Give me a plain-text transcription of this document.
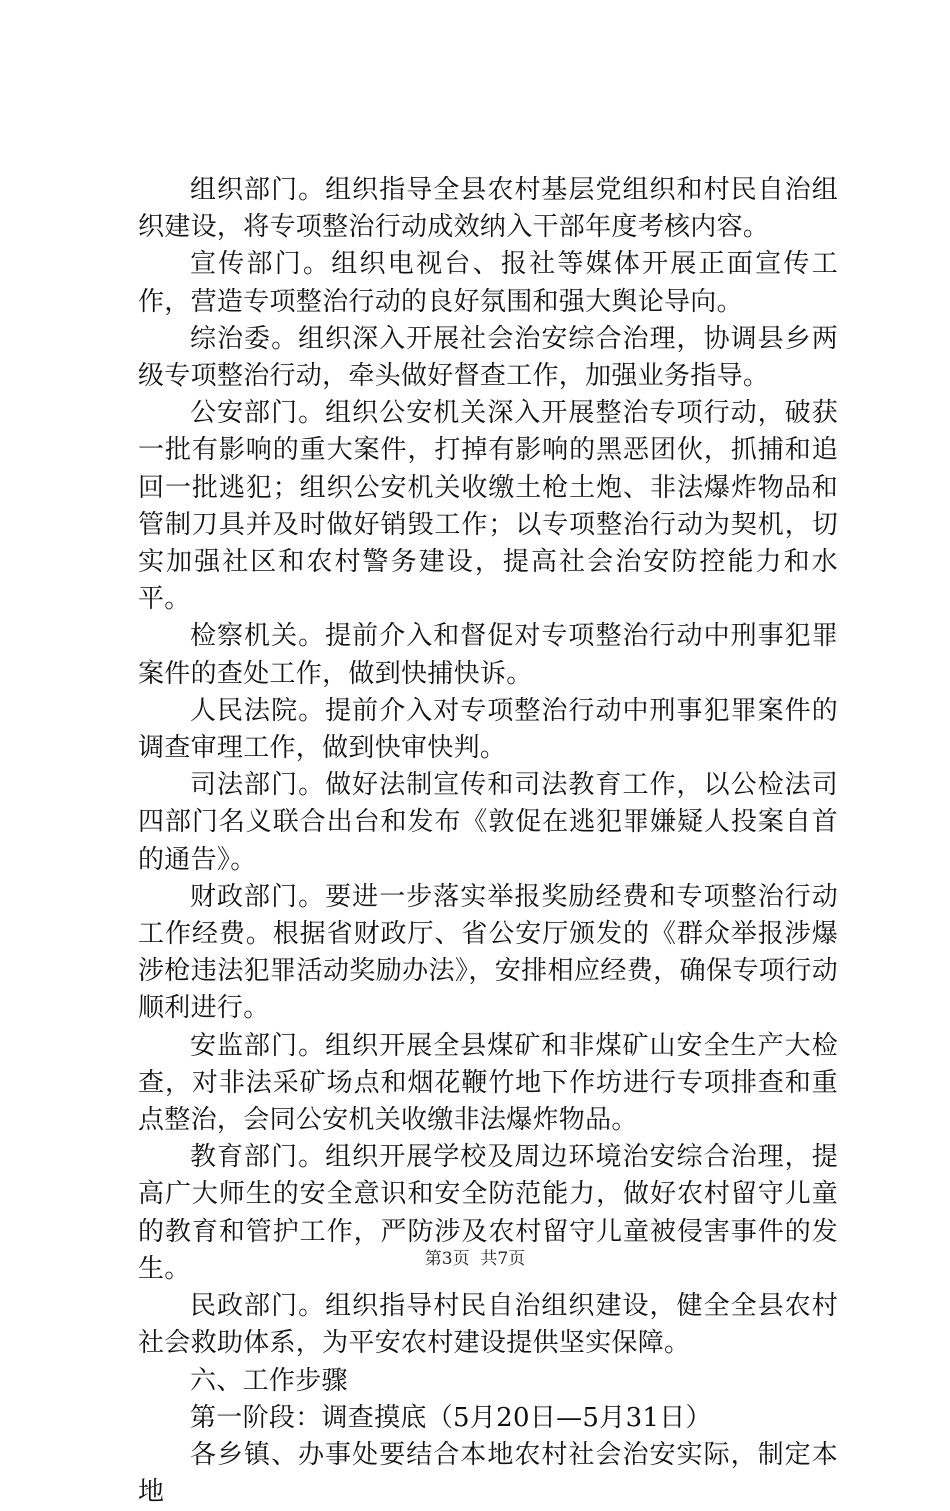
组织部门。组织指导全县农村基层党组织和村民自治组织建设，将专项整治行动成效纳入干部年度考核内容。

宣传部门。组织电视台、报社等媒体开展正面宣传工作，营造专项整治行动的良好氛围和强大舆论导向。

综治委。组织深入开展社会治安综合治理，协调县乡两级专项整治行动，牵头做好督查工作，加强业务指导。

公安部门。组织公安机关深入开展整治专项行动，破获一批有影响的重大案件，打掉有影响的黑恶团伙，抓捕和追回一批逃犯；组织公安机关收缴土枪土炮、非法爆炸物品和管制刀具并及时做好销毁工作；以专项整治行动为契机，切实加强社区和农村警务建设，提高社会治安防控能力和水平。

检察机关。提前介入和督促对专项整治行动中刑事犯罪案件的查处工作，做到快捕快诉。

人民法院。提前介入对专项整治行动中刑事犯罪案件的调查审理工作，做到快审快判。

司法部门。做好法制宣传和司法教育工作，以公检法司四部门名义联合出台和发布《敦促在逃犯罪嫌疑人投案自首的通告》。

财政部门。要进一步落实举报奖励经费和专项整治行动工作经费。根据省财政厅、省公安厅颁发的《群众举报涉爆涉枪违法犯罪活动奖励办法》，安排相应经费，确保专项行动顺利进行。

安监部门。组织开展全县煤矿和非煤矿山安全生产大检查，对非法采矿场点和烟花鞭竹地下作坊进行专项排查和重点整治，会同公安机关收缴非法爆炸物品。

教育部门。组织开展学校及周边环境治安综合治理，提高广大师生的安全意识和安全防范能力，做好农村留守儿童的教育和管护工作，严防涉及农村留守儿童被侵害事件的发生。

民政部门。组织指导村民自治组织建设，健全全县农村社会救助体系，为平安农村建设提供坚实保障。

六、工作步骤

第一阶段：调查摸底（5月20日—5月31日）

各乡镇、办事处要结合本地农村社会治安实际，制定本地

第3页  共7页
